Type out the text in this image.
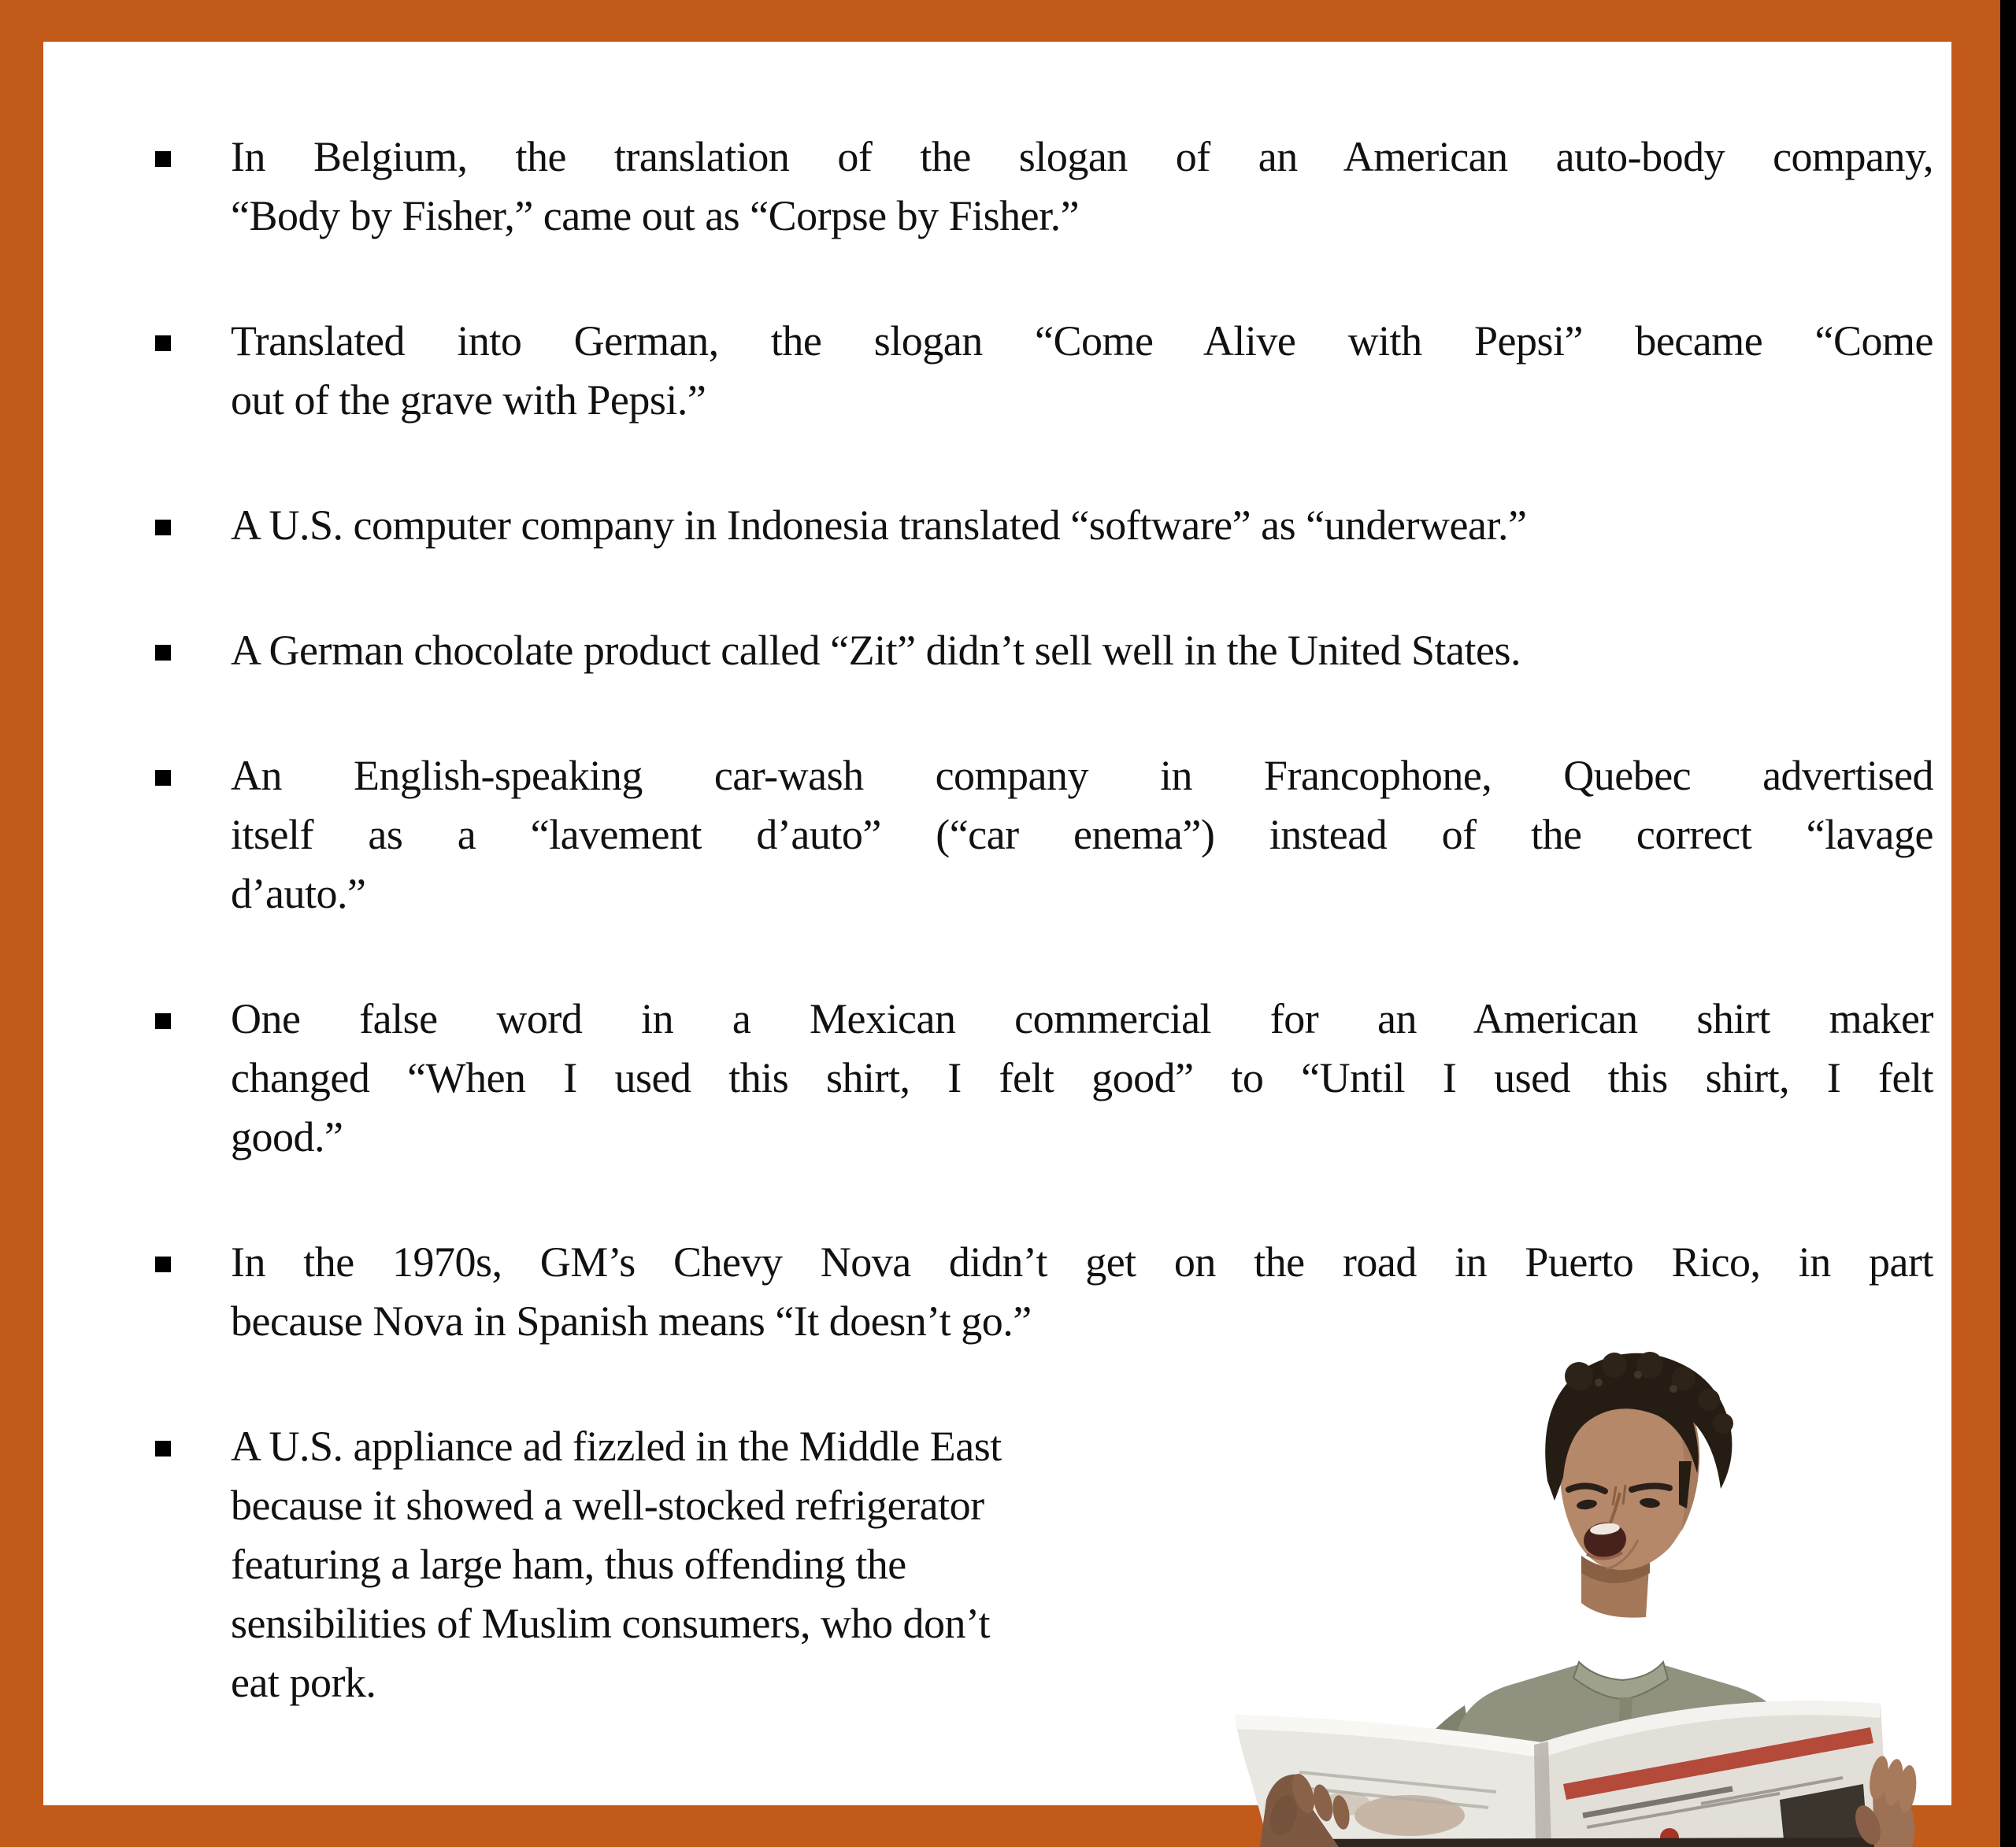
In Belgium, the translation of the slogan of an American auto-body company,
“Body by Fisher,” came out as “Corpse by Fisher.”
Translated into German, the slogan “Come Alive with Pepsi” became “Come
out of the grave with Pepsi.”
A U.S. computer company in Indonesia translated “software” as “underwear.”
A German chocolate product called “Zit” didn’t sell well in the United States.
An English-speaking car-wash company in Francophone, Quebec advertised
itself as a “lavement d’auto” (“car enema”) instead of the correct “lavage
d’auto.”
One false word in a Mexican commercial for an American shirt maker
changed “When I used this shirt, I felt good” to “Until I used this shirt, I felt
good.”
In the 1970s, GM’s Chevy Nova didn’t get on the road in Puerto Rico, in part
because Nova in Spanish means “It doesn’t go.”
A U.S. appliance ad fizzled in the Middle East
because it showed a well-stocked refrigerator
featuring a large ham, thus offending the
sensibilities of Muslim consumers, who don’t
eat pork.
